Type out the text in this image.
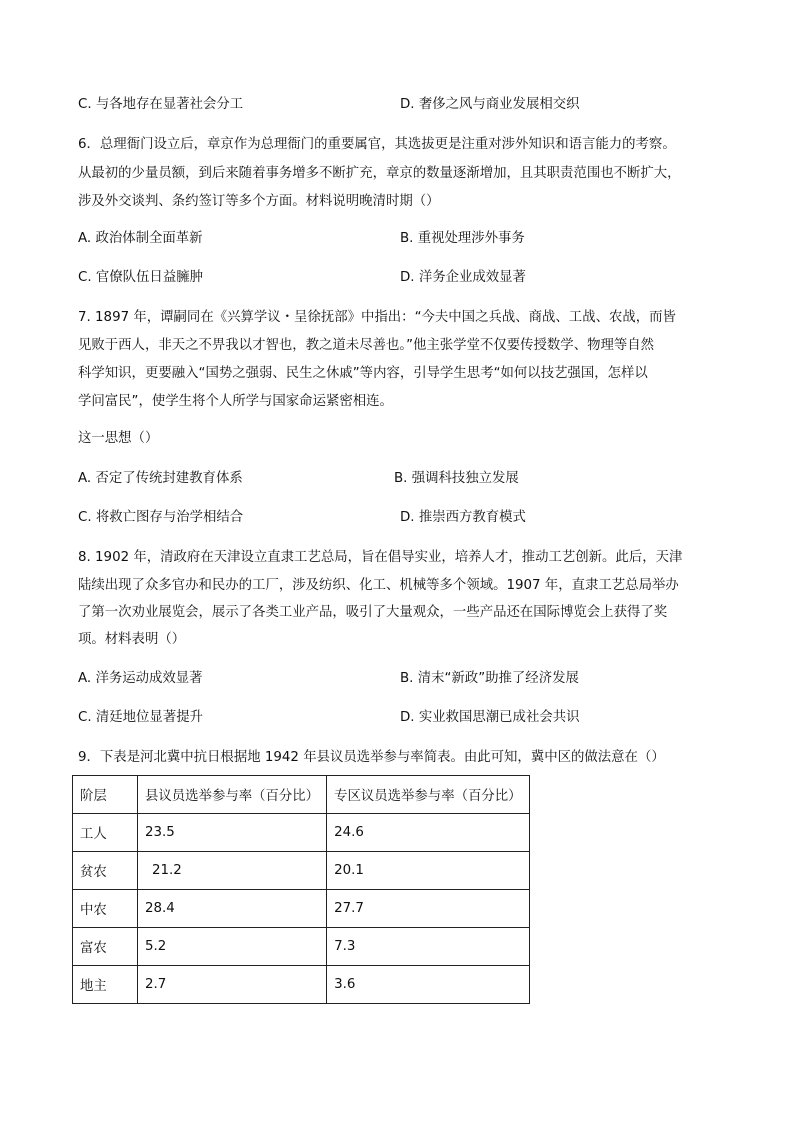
C. 与各地存在显著社会分工	D. 奢侈之风与商业发展相交织
6．总理衙门设立后，章京作为总理衙门的重要属官，其选拔更是注重对涉外知识和语言能力的考察。
从最初的少量员额，到后来随着事务增多不断扩充，章京的数量逐渐增加，且其职责范围也不断扩大，
涉及外交谈判、条约签订等多个方面。材料说明晚清时期（）
A. 政治体制全面革新	B. 重视处理涉外事务
C. 官僚队伍日益臃肿	D. 洋务企业成效显著
7. 1897 年，谭嗣同在《兴算学议・呈徐抚部》中指出：“今夫中国之兵战、商战、工战、农战，而皆
见败于西人，非天之不畀我以才智也，教之道未尽善也。”他主张学堂不仅要传授数学、物理等自然
科学知识，更要融入“国势之强弱、民生之休戚”等内容，引导学生思考“如何以技艺强国，怎样以
学问富民”，使学生将个人所学与国家命运紧密相连。
这一思想（）
A. 否定了传统封建教育体系	B. 强调科技独立发展
C. 将救亡图存与治学相结合	D. 推崇西方教育模式
8. 1902 年，清政府在天津设立直隶工艺总局，旨在倡导实业，培养人才，推动工艺创新。此后，天津
陆续出现了众多官办和民办的工厂，涉及纺织、化工、机械等多个领域。1907 年，直隶工艺总局举办
了第一次劝业展览会，展示了各类工业产品，吸引了大量观众，一些产品还在国际博览会上获得了奖
项。材料表明（）
A. 洋务运动成效显著	B. 清末“新政”助推了经济发展
C. 清廷地位显著提升	D. 实业救国思潮已成社会共识
9．下表是河北冀中抗日根据地 1942 年县议员选举参与率简表。由此可知，冀中区的做法意在（）
阶层	县议员选举参与率（百分比）	专区议员选举参与率（百分比）
工人	23.5	24.6
贫农	21.2	20.1
中农	28.4	27.7
富农	5.2	7.3
地主	2.7	3.6
